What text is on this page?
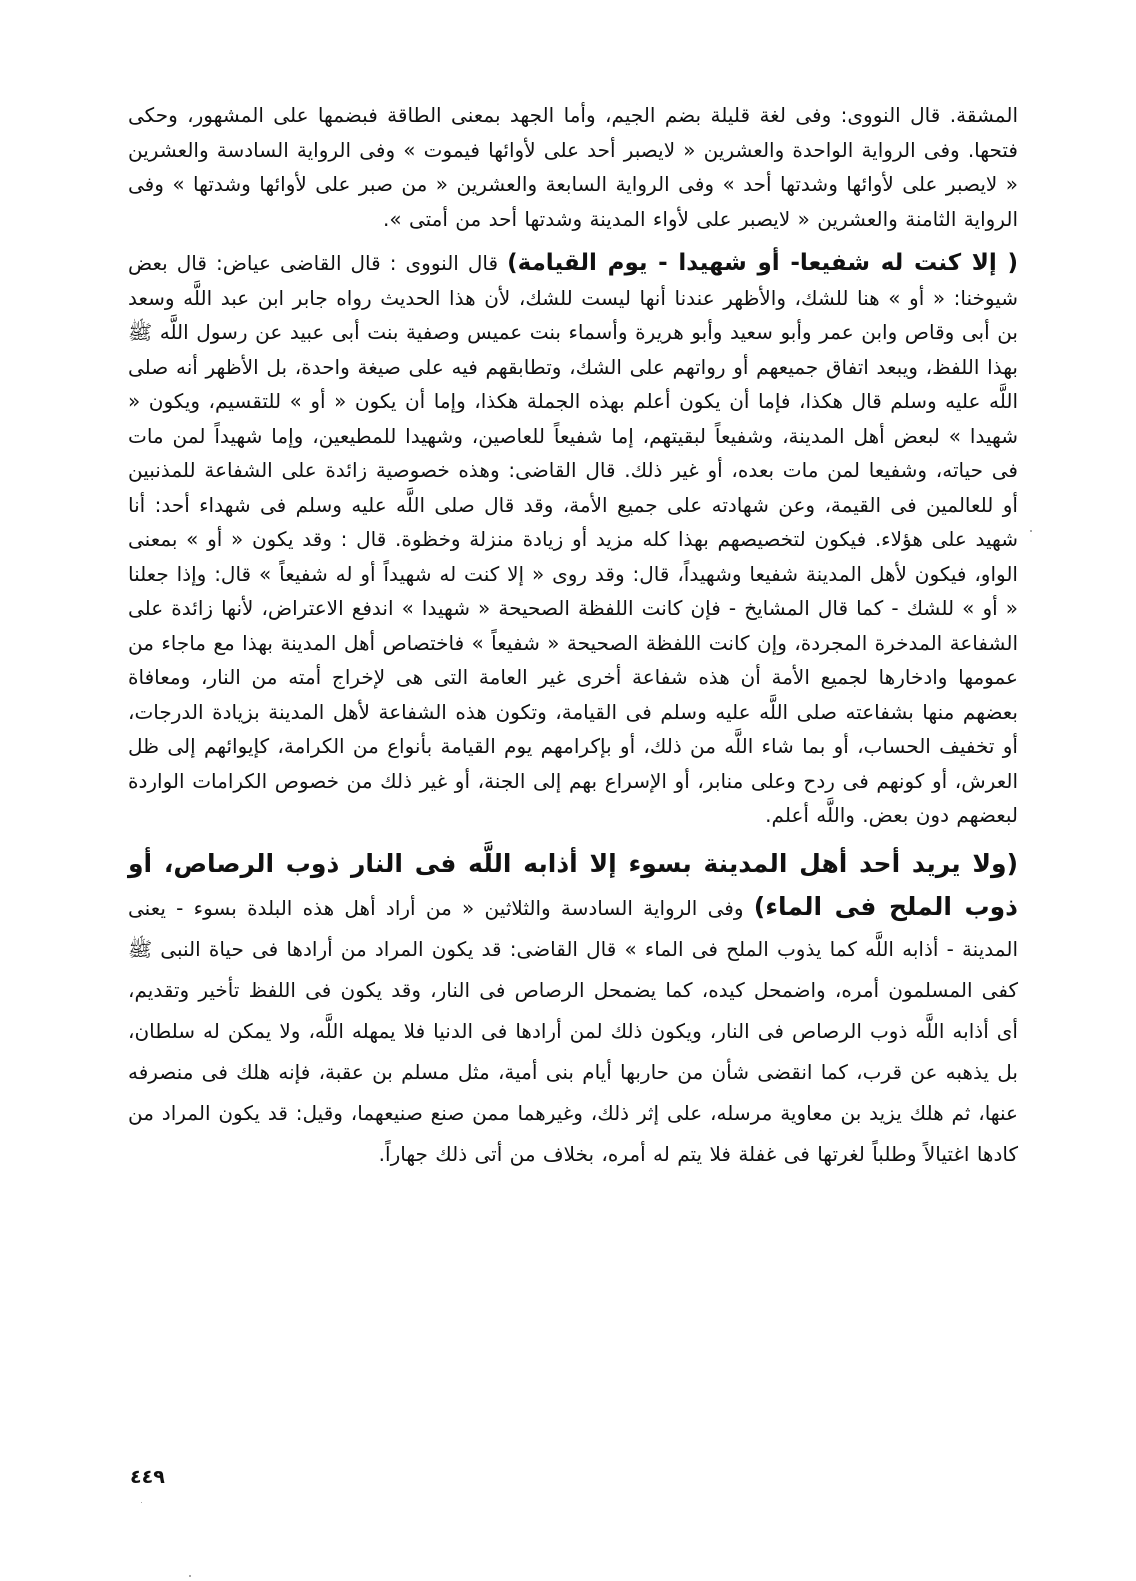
المشقة. قال النووى: وفى لغة قليلة بضم الجيم، وأما الجهد بمعنى الطاقة فبضمها على المشهور، وحكى فتحها. وفى الرواية الواحدة والعشرين « لايصبر أحد على لأوائها فيموت » وفى الرواية السادسة والعشرين « لايصبر على لأوائها وشدتها أحد » وفى الرواية السابعة والعشرين « من صبر على لأوائها وشدتها » وفى الرواية الثامنة والعشرين « لايصبر على لأواء المدينة وشدتها أحد من أمتى ».

( إلا كنت له شفيعا- أو شهيدا - يوم القيامة) قال النووى : قال القاضى عياض: قال بعض شيوخنا: « أو » هنا للشك، والأظهر عندنا أنها ليست للشك، لأن هذا الحديث رواه جابر ابن عبد اللَّه وسعد بن أبى وقاص وابن عمر وأبو سعيد وأبو هريرة وأسماء بنت عميس وصفية بنت أبى عبيد عن رسول اللَّه ﷺ بهذا اللفظ، ويبعد اتفاق جميعهم أو رواتهم على الشك، وتطابقهم فيه على صيغة واحدة، بل الأظهر أنه صلى اللَّه عليه وسلم قال هكذا، فإما أن يكون أعلم بهذه الجملة هكذا، وإما أن يكون « أو » للتقسيم، ويكون « شهيدا » لبعض أهل المدينة، وشفيعاً لبقيتهم، إما شفيعاً للعاصين، وشهيدا للمطيعين، وإما شهيداً لمن مات فى حياته، وشفيعا لمن مات بعده، أو غير ذلك. قال القاضى: وهذه خصوصية زائدة على الشفاعة للمذنبين أو للعالمين فى القيمة، وعن شهادته على جميع الأمة، وقد قال صلى اللَّه عليه وسلم فى شهداء أحد: أنا شهيد على هؤلاء. فيكون لتخصيصهم بهذا كله مزيد أو زيادة منزلة وخظوة. قال : وقد يكون « أو » بمعنى الواو، فيكون لأهل المدينة شفيعا وشهيداً، قال: وقد روى « إلا كنت له شهيداً أو له شفيعاً » قال: وإذا جعلنا « أو » للشك - كما قال المشايخ - فإن كانت اللفظة الصحيحة « شهيدا » اندفع الاعتراض، لأنها زائدة على الشفاعة المدخرة المجردة، وإن كانت اللفظة الصحيحة « شفيعاً » فاختصاص أهل المدينة بهذا مع ماجاء من عمومها وادخارها لجميع الأمة أن هذه شفاعة أخرى غير العامة التى هى لإخراج أمته من النار، ومعافاة بعضهم منها بشفاعته صلى اللَّه عليه وسلم فى القيامة، وتكون هذه الشفاعة لأهل المدينة بزيادة الدرجات، أو تخفيف الحساب، أو بما شاء اللَّه من ذلك، أو بإكرامهم يوم القيامة بأنواع من الكرامة، كإيوائهم إلى ظل العرش، أو كونهم فى ردح وعلى منابر، أو الإسراع بهم إلى الجنة، أو غير ذلك من خصوص الكرامات الواردة لبعضهم دون بعض. واللَّه أعلم.

(ولا يريد أحد أهل المدينة بسوء إلا أذابه اللَّه فى النار ذوب الرصاص، أو ذوب الملح فى الماء) وفى الرواية السادسة والثلاثين « من أراد أهل هذه البلدة بسوء - يعنى المدينة - أذابه اللَّه كما يذوب الملح فى الماء » قال القاضى: قد يكون المراد من أرادها فى حياة النبى ﷺ كفى المسلمون أمره، واضمحل كيده، كما يضمحل الرصاص فى النار، وقد يكون فى اللفظ تأخير وتقديم، أى أذابه اللَّه ذوب الرصاص فى النار، ويكون ذلك لمن أرادها فى الدنيا فلا يمهله اللَّه، ولا يمكن له سلطان، بل يذهبه عن قرب، كما انقضى شأن من حاربها أيام بنى أمية، مثل مسلم بن عقبة، فإنه هلك فى منصرفه عنها، ثم هلك يزيد بن معاوية مرسله، على إثر ذلك، وغيرهما ممن صنع صنيعهما، وقيل: قد يكون المراد من كادها اغتيالاً وطلباً لغرتها فى غفلة فلا يتم له أمره، بخلاف من أتى ذلك جهاراً.

٤٤٩
